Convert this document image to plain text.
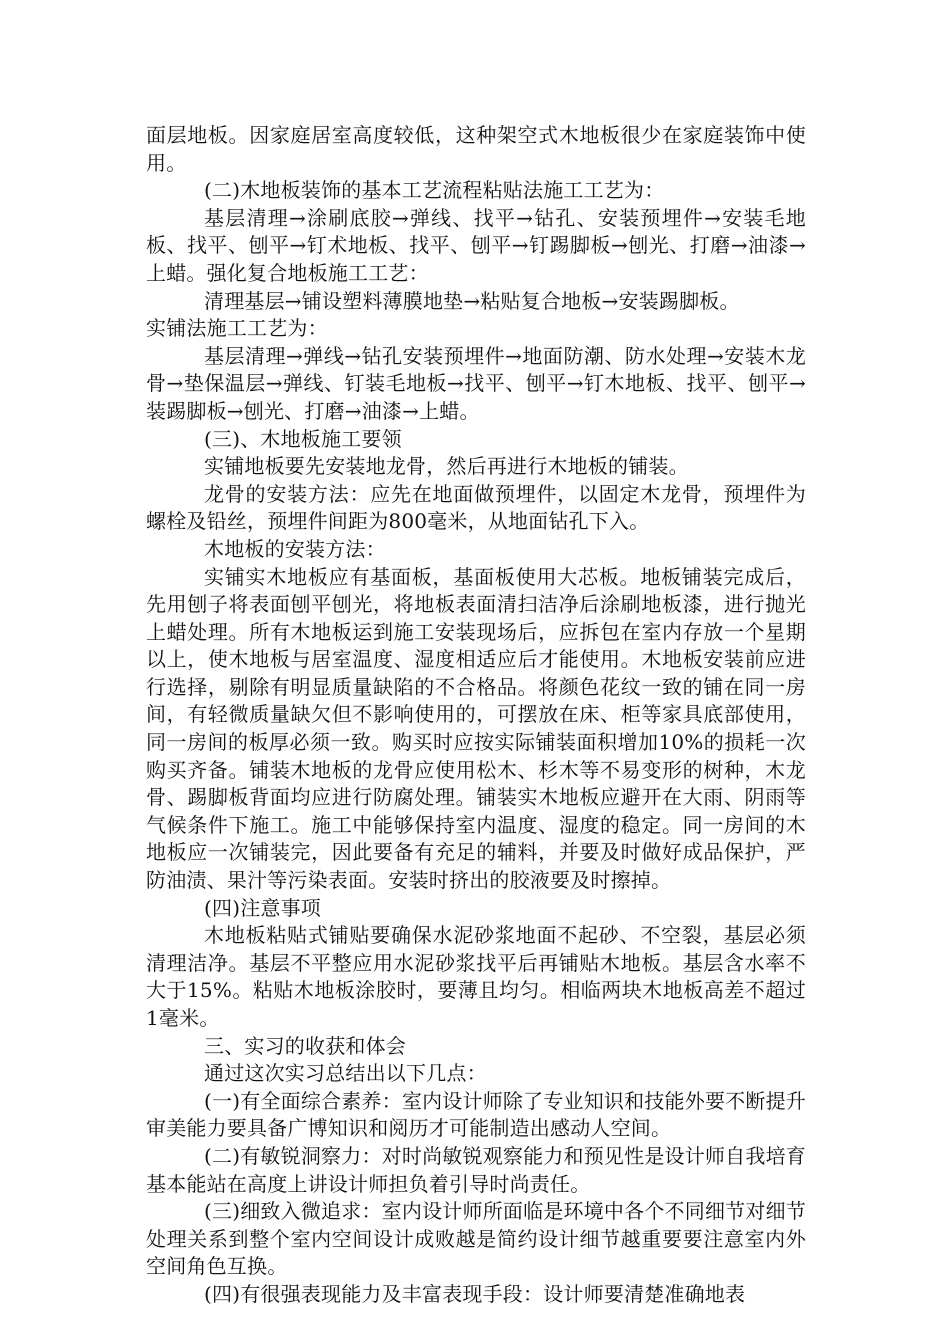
面层地板。因家庭居室高度较低，这种架空式木地板很少在家庭装饰中使用。

(二)木地板装饰的基本工艺流程粘贴法施工工艺为：

基层清理→涂刷底胶→弹线、找平→钻孔、安装预埋件→安装毛地板、找平、刨平→钉术地板、找平、刨平→钉踢脚板→刨光、打磨→油漆→上蜡。强化复合地板施工工艺：

清理基层→铺设塑料薄膜地垫→粘贴复合地板→安装踢脚板。

实铺法施工工艺为：

基层清理→弹线→钻孔安装预埋件→地面防潮、防水处理→安装木龙骨→垫保温层→弹线、钉装毛地板→找平、刨平→钉木地板、找平、刨平→装踢脚板→刨光、打磨→油漆→上蜡。

(三)、木地板施工要领

实铺地板要先安装地龙骨，然后再进行木地板的铺装。

龙骨的安装方法：应先在地面做预埋件，以固定木龙骨，预埋件为螺栓及铅丝，预埋件间距为800毫米，从地面钻孔下入。

木地板的安装方法：

实铺实木地板应有基面板，基面板使用大芯板。地板铺装完成后，先用刨子将表面刨平刨光，将地板表面清扫洁净后涂刷地板漆，进行抛光上蜡处理。所有木地板运到施工安装现场后，应拆包在室内存放一个星期以上，使木地板与居室温度、湿度相适应后才能使用。木地板安装前应进行选择，剔除有明显质量缺陷的不合格品。将颜色花纹一致的铺在同一房间，有轻微质量缺欠但不影响使用的，可摆放在床、柜等家具底部使用，同一房间的板厚必须一致。购买时应按实际铺装面积增加10%的损耗一次购买齐备。铺装木地板的龙骨应使用松木、杉木等不易变形的树种，木龙骨、踢脚板背面均应进行防腐处理。铺装实木地板应避开在大雨、阴雨等气候条件下施工。施工中能够保持室内温度、湿度的稳定。同一房间的木地板应一次铺装完，因此要备有充足的辅料，并要及时做好成品保护，严防油渍、果汁等污染表面。安装时挤出的胶液要及时擦掉。

(四)注意事项

木地板粘贴式铺贴要确保水泥砂浆地面不起砂、不空裂，基层必须清理洁净。基层不平整应用水泥砂浆找平后再铺贴木地板。基层含水率不大于15%。粘贴木地板涂胶时，要薄且均匀。相临两块木地板高差不超过1毫米。

三、实习的收获和体会

通过这次实习总结出以下几点：

(一)有全面综合素养：室内设计师除了专业知识和技能外要不断提升审美能力要具备广博知识和阅历才可能制造出感动人空间。

(二)有敏锐洞察力：对时尚敏锐观察能力和预见性是设计师自我培育基本能站在高度上讲设计师担负着引导时尚责任。

(三)细致入微追求：室内设计师所面临是环境中各个不同细节对细节处理关系到整个室内空间设计成败越是简约设计细节越重要要注意室内外空间角色互换。

(四)有很强表现能力及丰富表现手段：设计师要清楚准确地表
